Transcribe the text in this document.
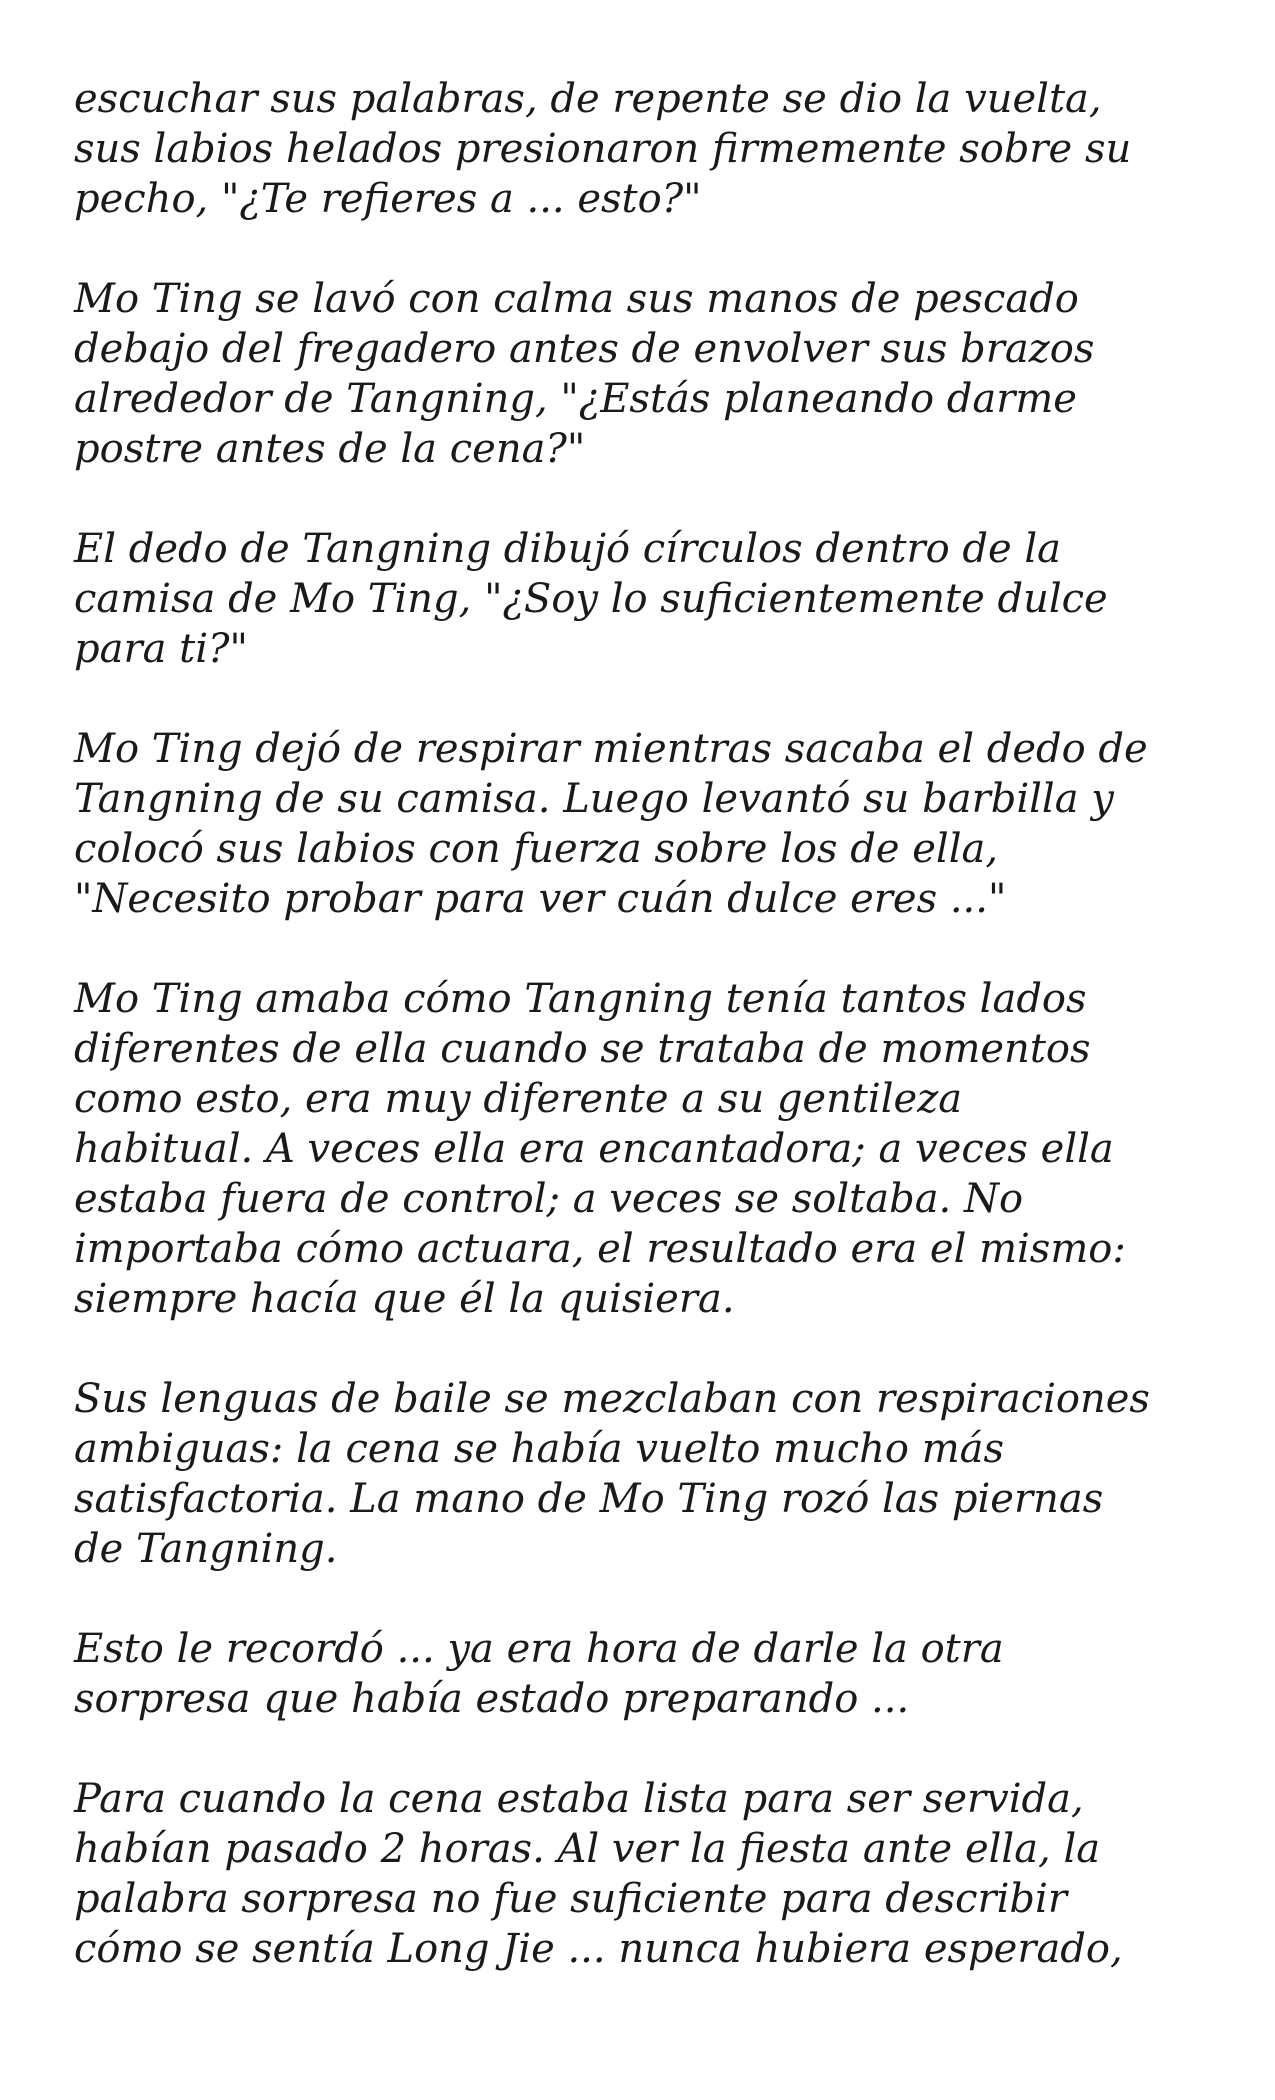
escuchar sus palabras, de repente se dio la vuelta,
sus labios helados presionaron firmemente sobre su
pecho, "¿Te refieres a ... esto?"

Mo Ting se lavó con calma sus manos de pescado
debajo del fregadero antes de envolver sus brazos
alrededor de Tangning, "¿Estás planeando darme
postre antes de la cena?"

El dedo de Tangning dibujó círculos dentro de la
camisa de Mo Ting, "¿Soy lo suficientemente dulce
para ti?"

Mo Ting dejó de respirar mientras sacaba el dedo de
Tangning de su camisa. Luego levantó su barbilla y
colocó sus labios con fuerza sobre los de ella,
"Necesito probar para ver cuán dulce eres ..."

Mo Ting amaba cómo Tangning tenía tantos lados
diferentes de ella cuando se trataba de momentos
como esto, era muy diferente a su gentileza
habitual. A veces ella era encantadora; a veces ella
estaba fuera de control; a veces se soltaba. No
importaba cómo actuara, el resultado era el mismo:
siempre hacía que él la quisiera.

Sus lenguas de baile se mezclaban con respiraciones
ambiguas: la cena se había vuelto mucho más
satisfactoria. La mano de Mo Ting rozó las piernas
de Tangning.

Esto le recordó ... ya era hora de darle la otra
sorpresa que había estado preparando ...

Para cuando la cena estaba lista para ser servida,
habían pasado 2 horas. Al ver la fiesta ante ella, la
palabra sorpresa no fue suficiente para describir
cómo se sentía Long Jie ... nunca hubiera esperado,
